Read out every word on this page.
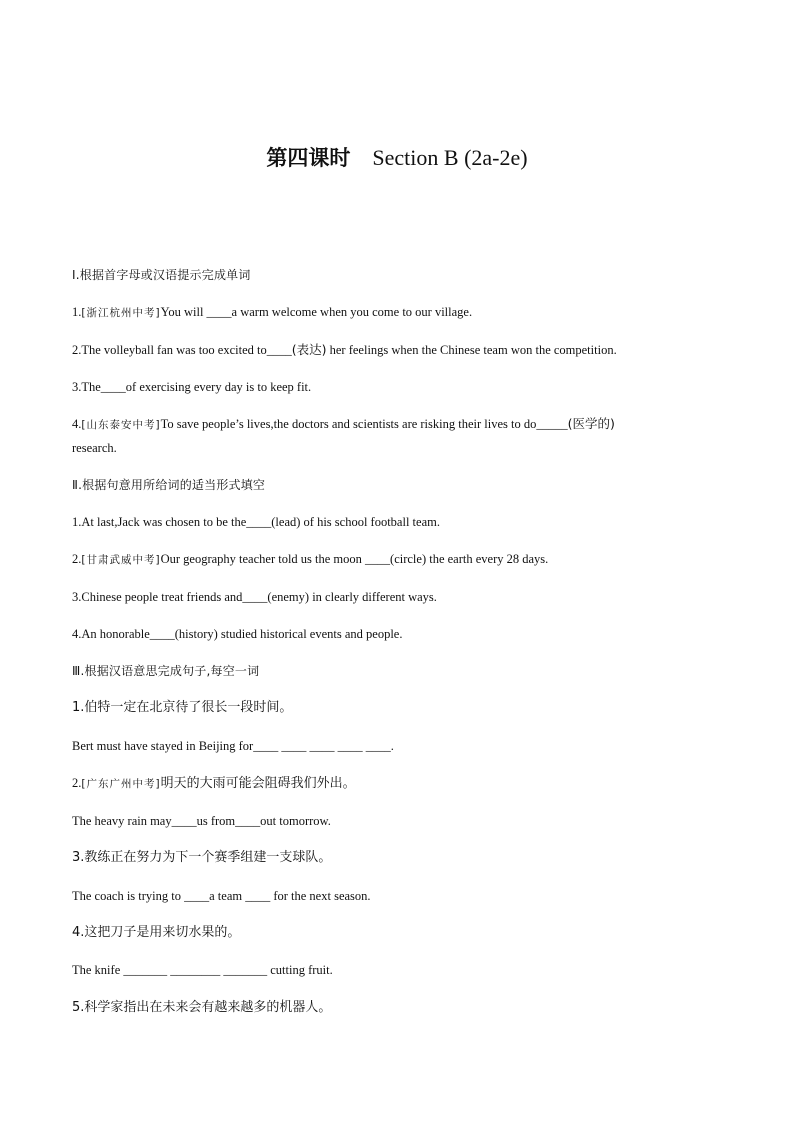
第四课时 Section B (2a-2e)
Ⅰ.根据首字母或汉语提示完成单词
1.[浙江杭州中考]You will ____a warm welcome when you come to our village.
2.The volleyball fan was too excited to____(表达) her feelings when the Chinese team won the competition.
3.The____of exercising every day is to keep fit.
4.[山东泰安中考]To save people’s lives,the doctors and scientists are risking their lives to do_____(医学的)
research.
Ⅱ.根据句意用所给词的适当形式填空
1.At last,Jack was chosen to be the____(lead) of his school football team.
2.[甘肃武威中考]Our geography teacher told us the moon ____(circle) the earth every 28 days.
3.Chinese people treat friends and____(enemy) in clearly different ways.
4.An honorable____(history) studied historical events and people.
Ⅲ.根据汉语意思完成句子,每空一词
1.伯特一定在北京待了很长一段时间。
Bert must have stayed in Beijing for____ ____ ____ ____ ____.
2.[广东广州中考]明天的大雨可能会阻碍我们外出。
The heavy rain may____us from____out tomorrow.
3.教练正在努力为下一个赛季组建一支球队。
The coach is trying to ____a team ____ for the next season.
4.这把刀子是用来切水果的。
The knife _______ ________ _______ cutting fruit.
5.科学家指出在未来会有越来越多的机器人。
